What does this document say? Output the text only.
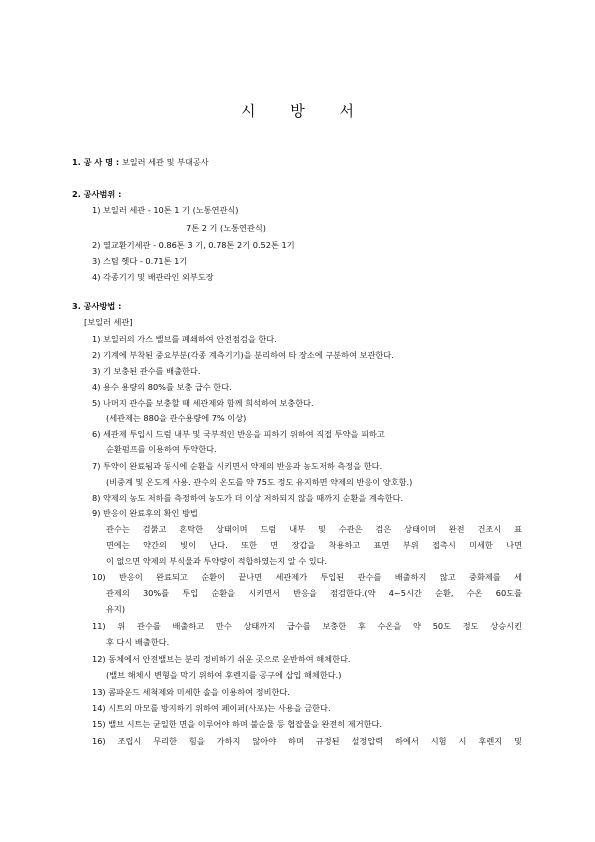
시 방 서
1. 공 사 명 : 보일러 세관 및 부대공사
2. 공사범위 :
1) 보일러 세관 - 10톤 1 기 (노통연관식)
7톤 2 기 (노통연관식)
2) 열교환기세관 - 0.86톤 3 기, 0.78톤 2기 0.52톤 1기
3) 스팀 헷다 - 0.71톤 1기
4) 각종기기 및 배관라인 외부도장
3. 공사방법 :
[보일러 세관]
1) 보일러의 가스 밸브를 폐쇄하여 안전점검을 한다.
2) 기계에 부착된 중요부분(각종 계측기기)을 분리하여 타 장소에 구분하여 보관한다.
3) 기 보충된 관수를 배출한다.
4) 용수 용량의 80%를 보충 급수 한다.
5) 나머지 관수를 보충할 때 세관제와 함께 희석하여 보충한다.
(세관제는 880을 관수용량에 7% 이상)
6) 세관제 투입시 드럼 내부 및 국부적인 반응을 피하기 위하여 직접 투약을 피하고
순환펌프를 이용하여 투약한다.
7) 투약이 완료됨과 동시에 순환을 시키면서 약제의 반응과 농도저하 측정을 한다.
(비중계 및 온도계 사용. 관수의 온도를 약 75도 정도 유지하면 약제의 반응이 양호함.)
8) 약제의 농도 저하를 측정하여 농도가 더 이상 저하되지 않을 때까지 순환을 계속한다.
9) 반응이 완료후의 확인 방법
관수는 검붉고 혼탁한 상태이며 드럼 내부 및 수관은 검은 상태이며 완전 건조시 표
면에는 약간의 빛이 난다. 또한 면 장갑을 착용하고 표면 부위 접촉시 미세한 나면
이 없으면 약제의 부식물과 투약량이 적합하였는지 알 수 있다.
10) 반응이 완료되고 순환이 끝나면 세관제가 투입된 관수를 배출하지 않고 중화제를 세
관제의 30%를 투입 순환을 시키면서 반응을 점검한다.(약 4~5시간 순환, 수온 60도를
유지)
11) 위 관수를 배출하고 만수 상태까지 급수를 보충한 후 수온을 약 50도 정도 상승시킨
후 다시 배출한다.
12) 동체에서 안전밸브는 분리 정비하기 쉬운 곳으로 운반하여 해체한다.
(밸브 해체시 변형을 막기 위하여 후렌지를 공구에 삽입 해체한다.)
13) 콤파운드 세척제와 미세한 솔을 이용하여 정비한다.
14) 시트의 마모를 방지하기 위하여 페이퍼(사포)는 사용을 금한다.
15) 밸브 시트는 균일한 면을 이루어야 하며 불순물 등 협잡물을 완전히 제거한다.
16) 조립시 무리한 힘을 가하지 않아야 하며 규정된 설정압력 하에서 시험 시 후렌지 및
